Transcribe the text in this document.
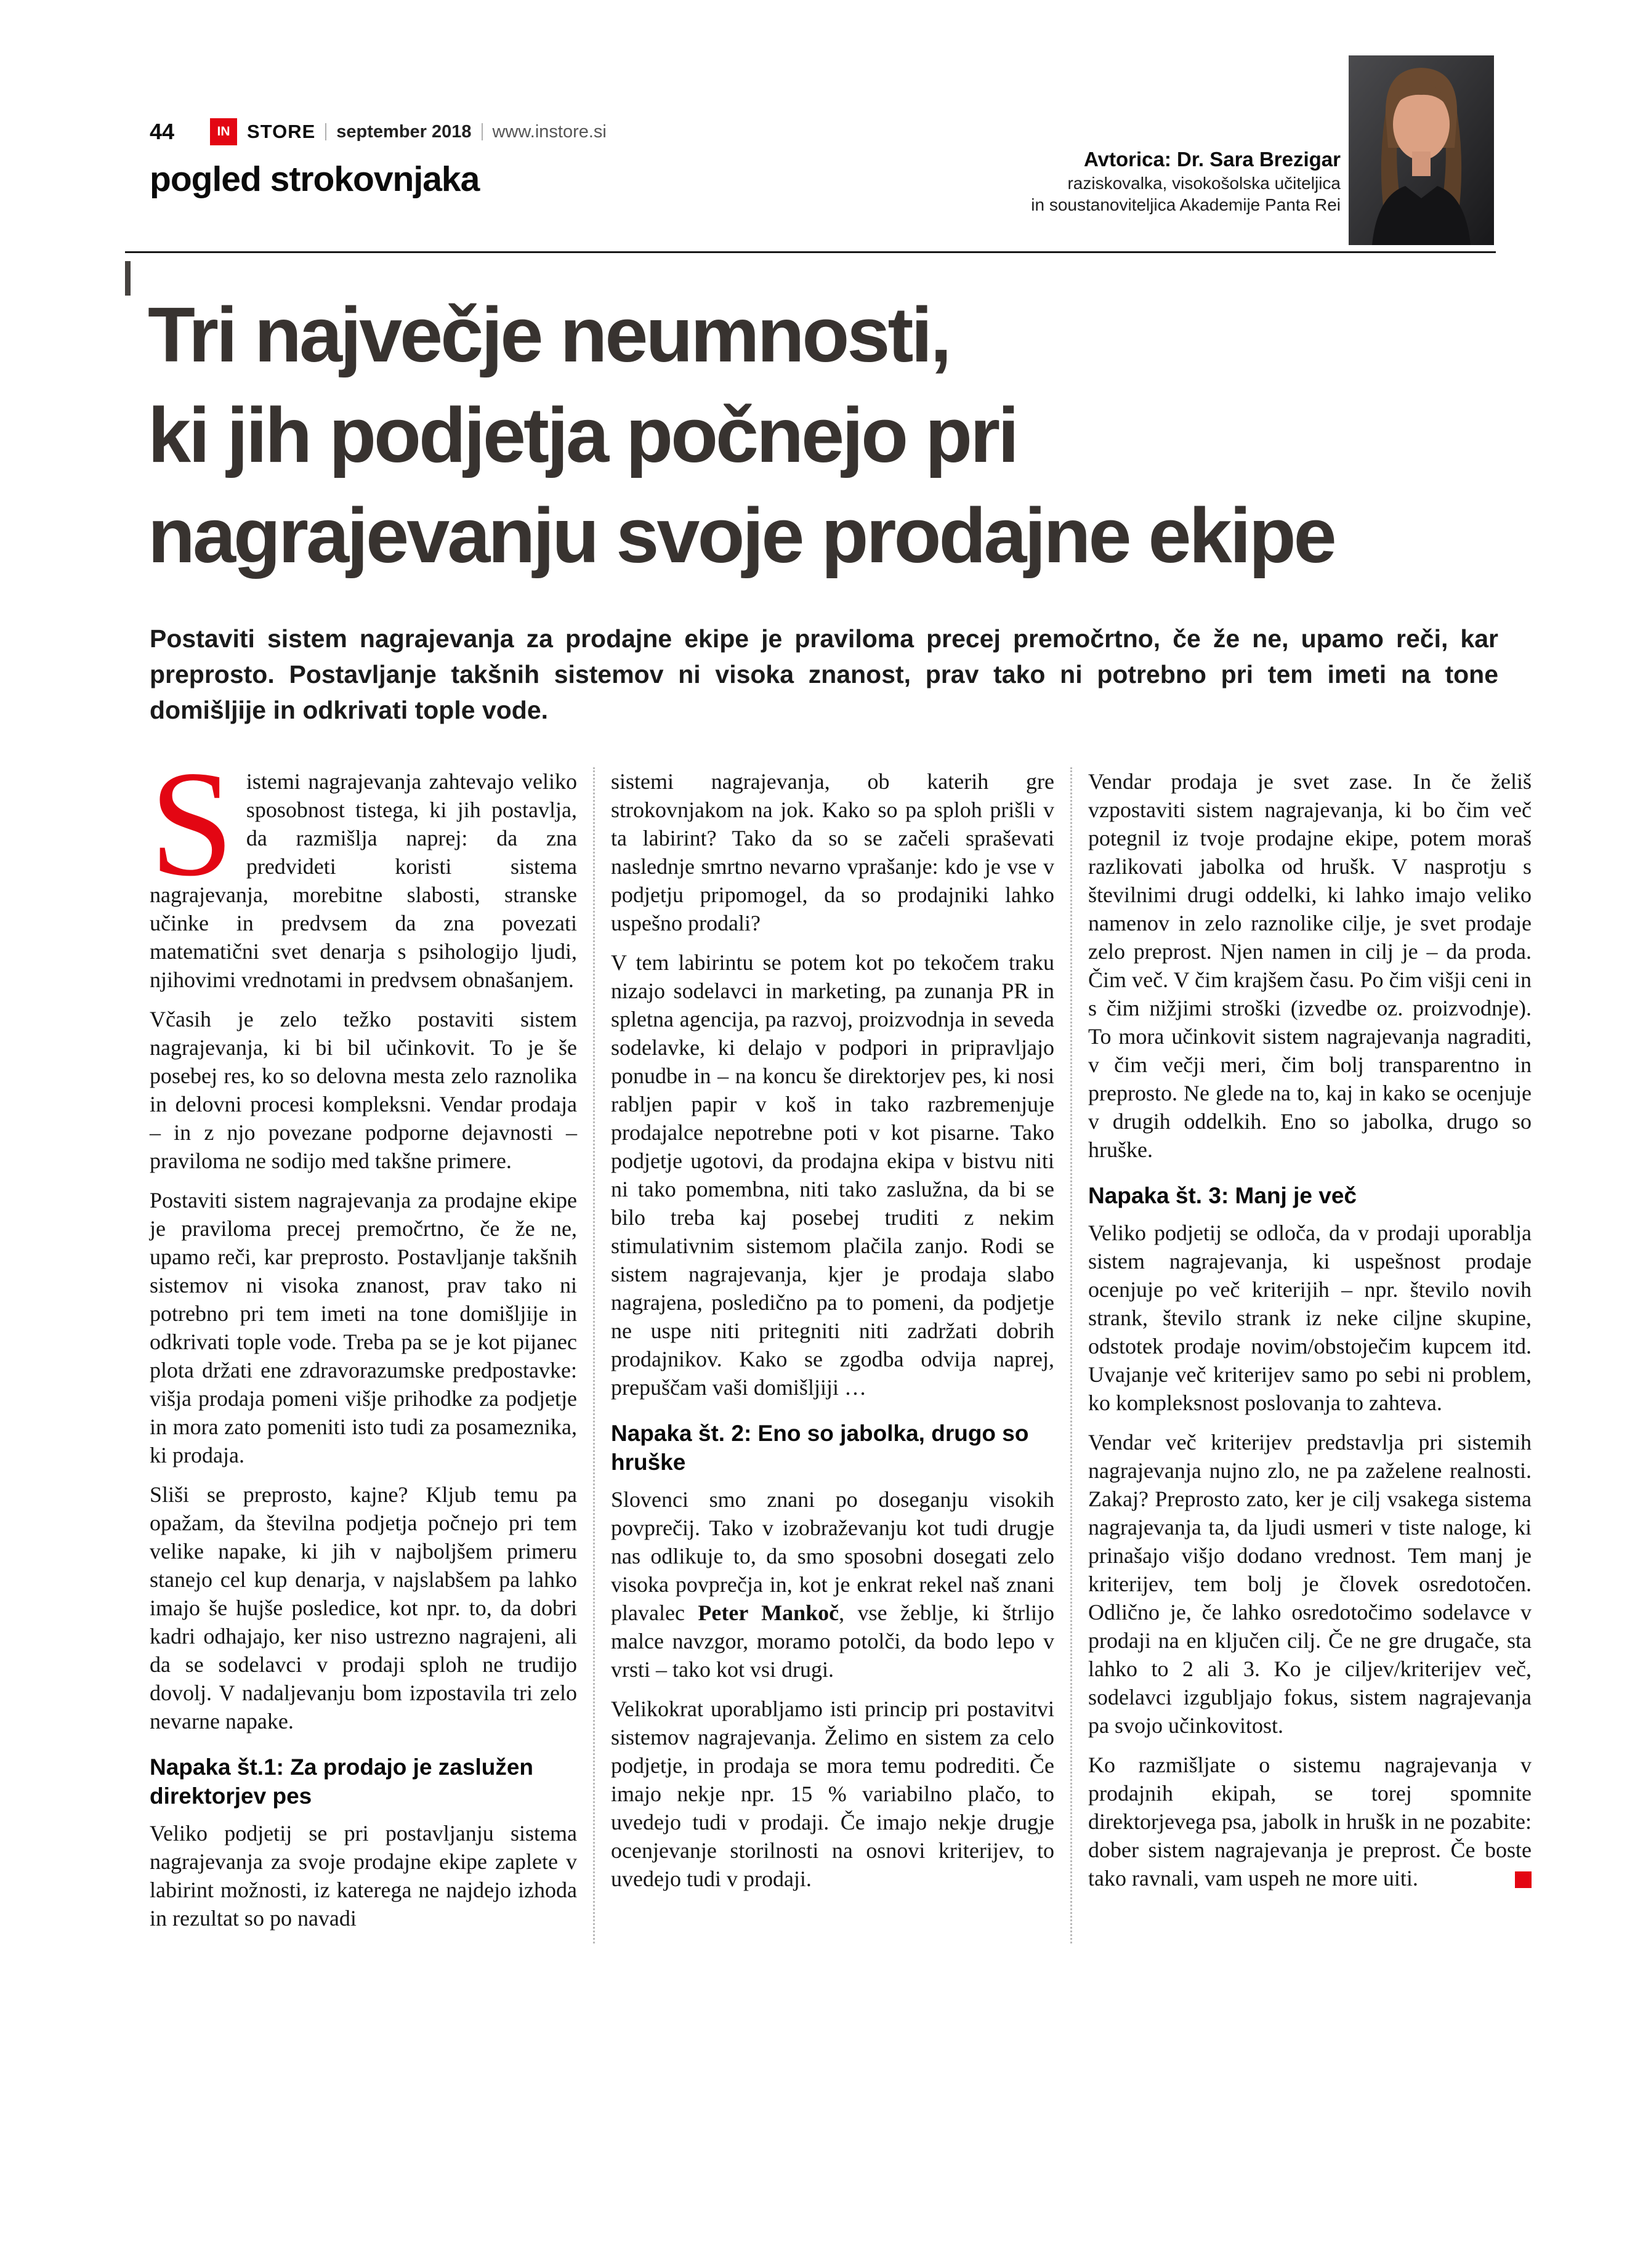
44	IN STORE september 2018 www.instore.si
pogled strokovnjaka
Avtorica: Dr. Sara Brezigar
raziskovalka, visokošolska učiteljica
in soustanoviteljica Akademije Panta Rei
Tri največje neumnosti,
ki jih podjetja počnejo pri
nagrajevanju svoje prodajne ekipe

Postaviti sistem nagrajevanja za prodajne ekipe je praviloma precej premočrtno, če že ne, upamo reči, kar preprosto. Postavljanje takšnih sistemov ni visoka znanost, prav tako ni potrebno pri tem imeti na tone domišljije in odkrivati tople vode.

Sistemi nagrajevanja zahtevajo veliko sposobnost tistega, ki jih postavlja, da razmišlja naprej: da zna predvideti koristi sistema nagrajevanja, morebitne slabosti, stranske učinke in predvsem da zna povezati matematični svet denarja s psihologijo ljudi, njihovimi vrednotami in predvsem obnašanjem.

Včasih je zelo težko postaviti sistem nagrajevanja, ki bi bil učinkovit. To je še posebej res, ko so delovna mesta zelo raznolika in delovni procesi kompleksni. Vendar prodaja – in z njo povezane podporne dejavnosti – praviloma ne sodijo med takšne primere.

Postaviti sistem nagrajevanja za prodajne ekipe je praviloma precej premočrtno, če že ne, upamo reči, kar preprosto. Postavljanje takšnih sistemov ni visoka znanost, prav tako ni potrebno pri tem imeti na tone domišljije in odkrivati tople vode. Treba pa se je kot pijanec plota držati ene zdravorazumske predpostavke: višja prodaja pomeni višje prihodke za podjetje in mora zato pomeniti isto tudi za posameznika, ki prodaja.

Sliši se preprosto, kajne? Kljub temu pa opažam, da številna podjetja počnejo pri tem velike napake, ki jih v najboljšem primeru stanejo cel kup denarja, v najslabšem pa lahko imajo še hujše posledice, kot npr. to, da dobri kadri odhajajo, ker niso ustrezno nagrajeni, ali da se sodelavci v prodaji sploh ne trudijo dovolj. V nadaljevanju bom izpostavila tri zelo nevarne napake.

Napaka št.1: Za prodajo je zaslužen direktorjev pes

Veliko podjetij se pri postavljanju sistema nagrajevanja za svoje prodajne ekipe zaplete v labirint možnosti, iz katerega ne najdejo izhoda in rezultat so po navadi

sistemi nagrajevanja, ob katerih gre strokovnjakom na jok. Kako so pa sploh prišli v ta labirint? Tako da so se začeli spraševati naslednje smrtno nevarno vprašanje: kdo je vse v podjetju pripomogel, da so prodajniki lahko uspešno prodali?

V tem labirintu se potem kot po tekočem traku nizajo sodelavci in marketing, pa zunanja PR in spletna agencija, pa razvoj, proizvodnja in seveda sodelavke, ki delajo v podpori in pripravljajo ponudbe in – na koncu še direktorjev pes, ki nosi rabljen papir v koš in tako razbremenjuje prodajalce nepotrebne poti v kot pisarne. Tako podjetje ugotovi, da prodajna ekipa v bistvu niti ni tako pomembna, niti tako zaslužna, da bi se bilo treba kaj posebej truditi z nekim stimulativnim sistemom plačila zanjo. Rodi se sistem nagrajevanja, kjer je prodaja slabo nagrajena, posledično pa to pomeni, da podjetje ne uspe niti pritegniti niti zadržati dobrih prodajnikov. Kako se zgodba odvija naprej, prepuščam vaši domišljiji …

Napaka št. 2: Eno so jabolka, drugo so hruške

Slovenci smo znani po doseganju visokih povprečij. Tako v izobraževanju kot tudi drugje nas odlikuje to, da smo sposobni dosegati zelo visoka povprečja in, kot je enkrat rekel naš znani plavalec Peter Mankoč, vse žeblje, ki štrlijo malce navzgor, moramo potolči, da bodo lepo v vrsti – tako kot vsi drugi.

Velikokrat uporabljamo isti princip pri postavitvi sistemov nagrajevanja. Želimo en sistem za celo podjetje, in prodaja se mora temu podrediti. Če imajo nekje npr. 15 % variabilno plačo, to uvedejo tudi v prodaji. Če imajo nekje drugje ocenjevanje storilnosti na osnovi kriterijev, to uvedejo tudi v prodaji.

Vendar prodaja je svet zase. In če želiš vzpostaviti sistem nagrajevanja, ki bo čim več potegnil iz tvoje prodajne ekipe, potem moraš razlikovati jabolka od hrušk. V nasprotju s številnimi drugi oddelki, ki lahko imajo veliko namenov in zelo raznolike cilje, je svet prodaje zelo preprost. Njen namen in cilj je – da proda. Čim več. V čim krajšem času. Po čim višji ceni in s čim nižjimi stroški (izvedbe oz. proizvodnje). To mora učinkovit sistem nagrajevanja nagraditi, v čim večji meri, čim bolj transparentno in preprosto. Ne glede na to, kaj in kako se ocenjuje v drugih oddelkih. Eno so jabolka, drugo so hruške.

Napaka št. 3: Manj je več

Veliko podjetij se odloča, da v prodaji uporablja sistem nagrajevanja, ki uspešnost prodaje ocenjuje po več kriterijih – npr. število novih strank, število strank iz neke ciljne skupine, odstotek prodaje novim/obstoječim kupcem itd. Uvajanje več kriterijev samo po sebi ni problem, ko kompleksnost poslovanja to zahteva.

Vendar več kriterijev predstavlja pri sistemih nagrajevanja nujno zlo, ne pa zaželene realnosti. Zakaj? Preprosto zato, ker je cilj vsakega sistema nagrajevanja ta, da ljudi usmeri v tiste naloge, ki prinašajo višjo dodano vrednost. Tem manj je kriterijev, tem bolj je človek osredotočen. Odlično je, če lahko osredotočimo sodelavce v prodaji na en ključen cilj. Če ne gre drugače, sta lahko to 2 ali 3. Ko je ciljev/kriterijev več, sodelavci izgubljajo fokus, sistem nagrajevanja pa svojo učinkovitost.

Ko razmišljate o sistemu nagrajevanja v prodajnih ekipah, se torej spomnite direktorjevega psa, jabolk in hrušk in ne pozabite: dober sistem nagrajevanja je preprost. Če boste tako ravnali, vam uspeh ne more uiti.
